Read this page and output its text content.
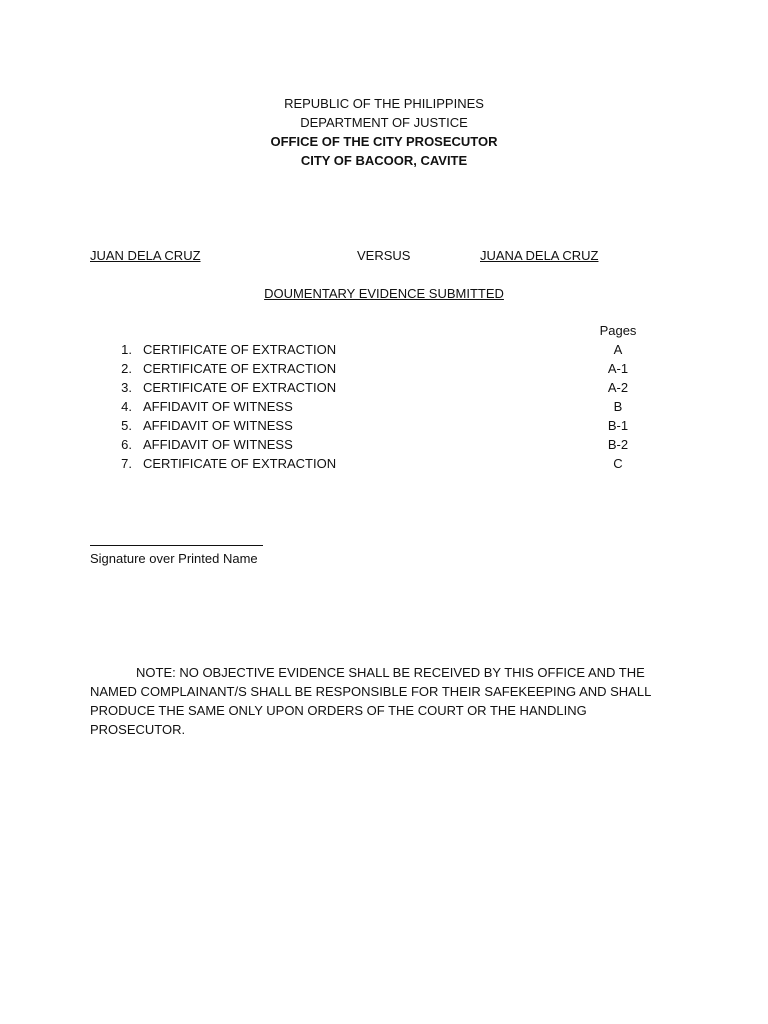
REPUBLIC OF THE PHILIPPINES
DEPARTMENT OF JUSTICE
OFFICE OF THE CITY PROSECUTOR
CITY OF BACOOR, CAVITE
JUAN DELA CRUZ	VERSUS	JUANA DELA CRUZ
DOUMENTARY EVIDENCE SUBMITTED
Pages
1. CERTIFICATE OF EXTRACTION	A
2. CERTIFICATE OF EXTRACTION	A-1
3. CERTIFICATE OF EXTRACTION	A-2
4. AFFIDAVIT OF WITNESS	B
5. AFFIDAVIT OF WITNESS	B-1
6. AFFIDAVIT OF WITNESS	B-2
7. CERTIFICATE OF EXTRACTION	C
Signature over Printed Name

NOTE: NO OBJECTIVE EVIDENCE SHALL BE RECEIVED BY THIS OFFICE AND THE NAMED COMPLAINANT/S SHALL BE RESPONSIBLE FOR THEIR SAFEKEEPING AND SHALL PRODUCE THE SAME ONLY UPON ORDERS OF THE COURT OR THE HANDLING PROSECUTOR.
